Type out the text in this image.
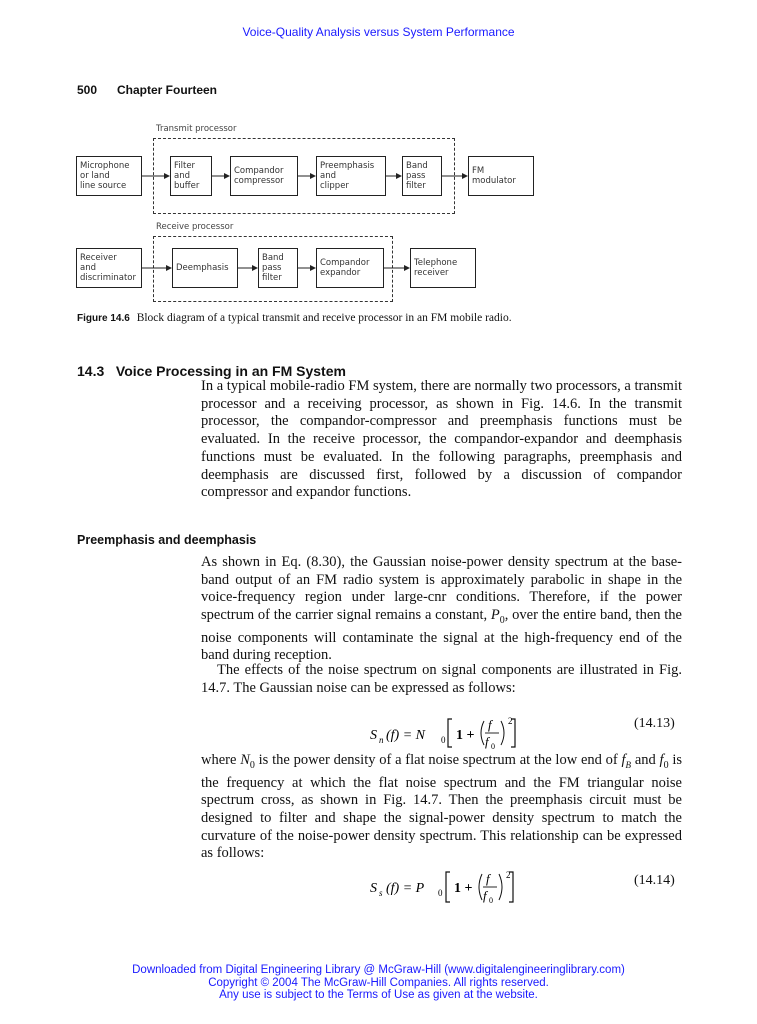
Voice-Quality Analysis versus System Performance
500 Chapter Fourteen
Transmit processor
Microphone
or land
line source
Filter
and
buffer
Compandor
compressor
Preemphasis
and
clipper
Band
pass
filter
FM
modulator
Receive processor
Receiver
and
discriminator
Deemphasis
Band
pass
filter
Compandor
expandor
Telephone
receiver
Figure 14.6 Block diagram of a typical transmit and receive processor in an FM mobile radio.
14.3   Voice Processing in an FM System
In a typical mobile-radio FM system, there are normally two processors, a transmit processor and a receiving processor, as shown in Fig. 14.6. In the transmit processor, the compandor-compressor and preemphasis functions must be evaluated. In the receive processor, the compandor-expandor and deemphasis functions must be evaluated. In the following paragraphs, preemphasis and deemphasis are discussed first, followed by a discussion of compandor compressor and expandor functions.
Preemphasis and deemphasis
As shown in Eq. (8.30), the Gaussian noise-power density spectrum at the base-band output of an FM radio system is approximately parabolic in shape in the voice-frequency region under large-cnr conditions. Therefore, if the power spectrum of the carrier signal remains a constant, $P_0$, over the entire band, then the noise components will contaminate the signal at the high-frequency end of the band during reception.
The effects of the noise spectrum on signal components are illustrated in Fig. 14.7. The Gaussian noise can be expressed as follows:
S n (f) = N 0 1 +
f
f 0
2	(14.13)
where $N_0$ is the power density of a flat noise spectrum at the low end of $f_B$ and $f_0$ is the frequency at which the flat noise spectrum and the FM triangular noise spectrum cross, as shown in Fig. 14.7. Then the preemphasis circuit must be designed to filter and shape the signal-power density spectrum to match the curvature of the noise-power density spectrum. This relationship can be expressed as follows:
S s (f) = P 0 1 +
f
f 0
2	(14.14)
Downloaded from Digital Engineering Library @ McGraw-Hill (www.digitalengineeringlibrary.com)
Copyright © 2004 The McGraw-Hill Companies. All rights reserved.
Any use is subject to the Terms of Use as given at the website.
